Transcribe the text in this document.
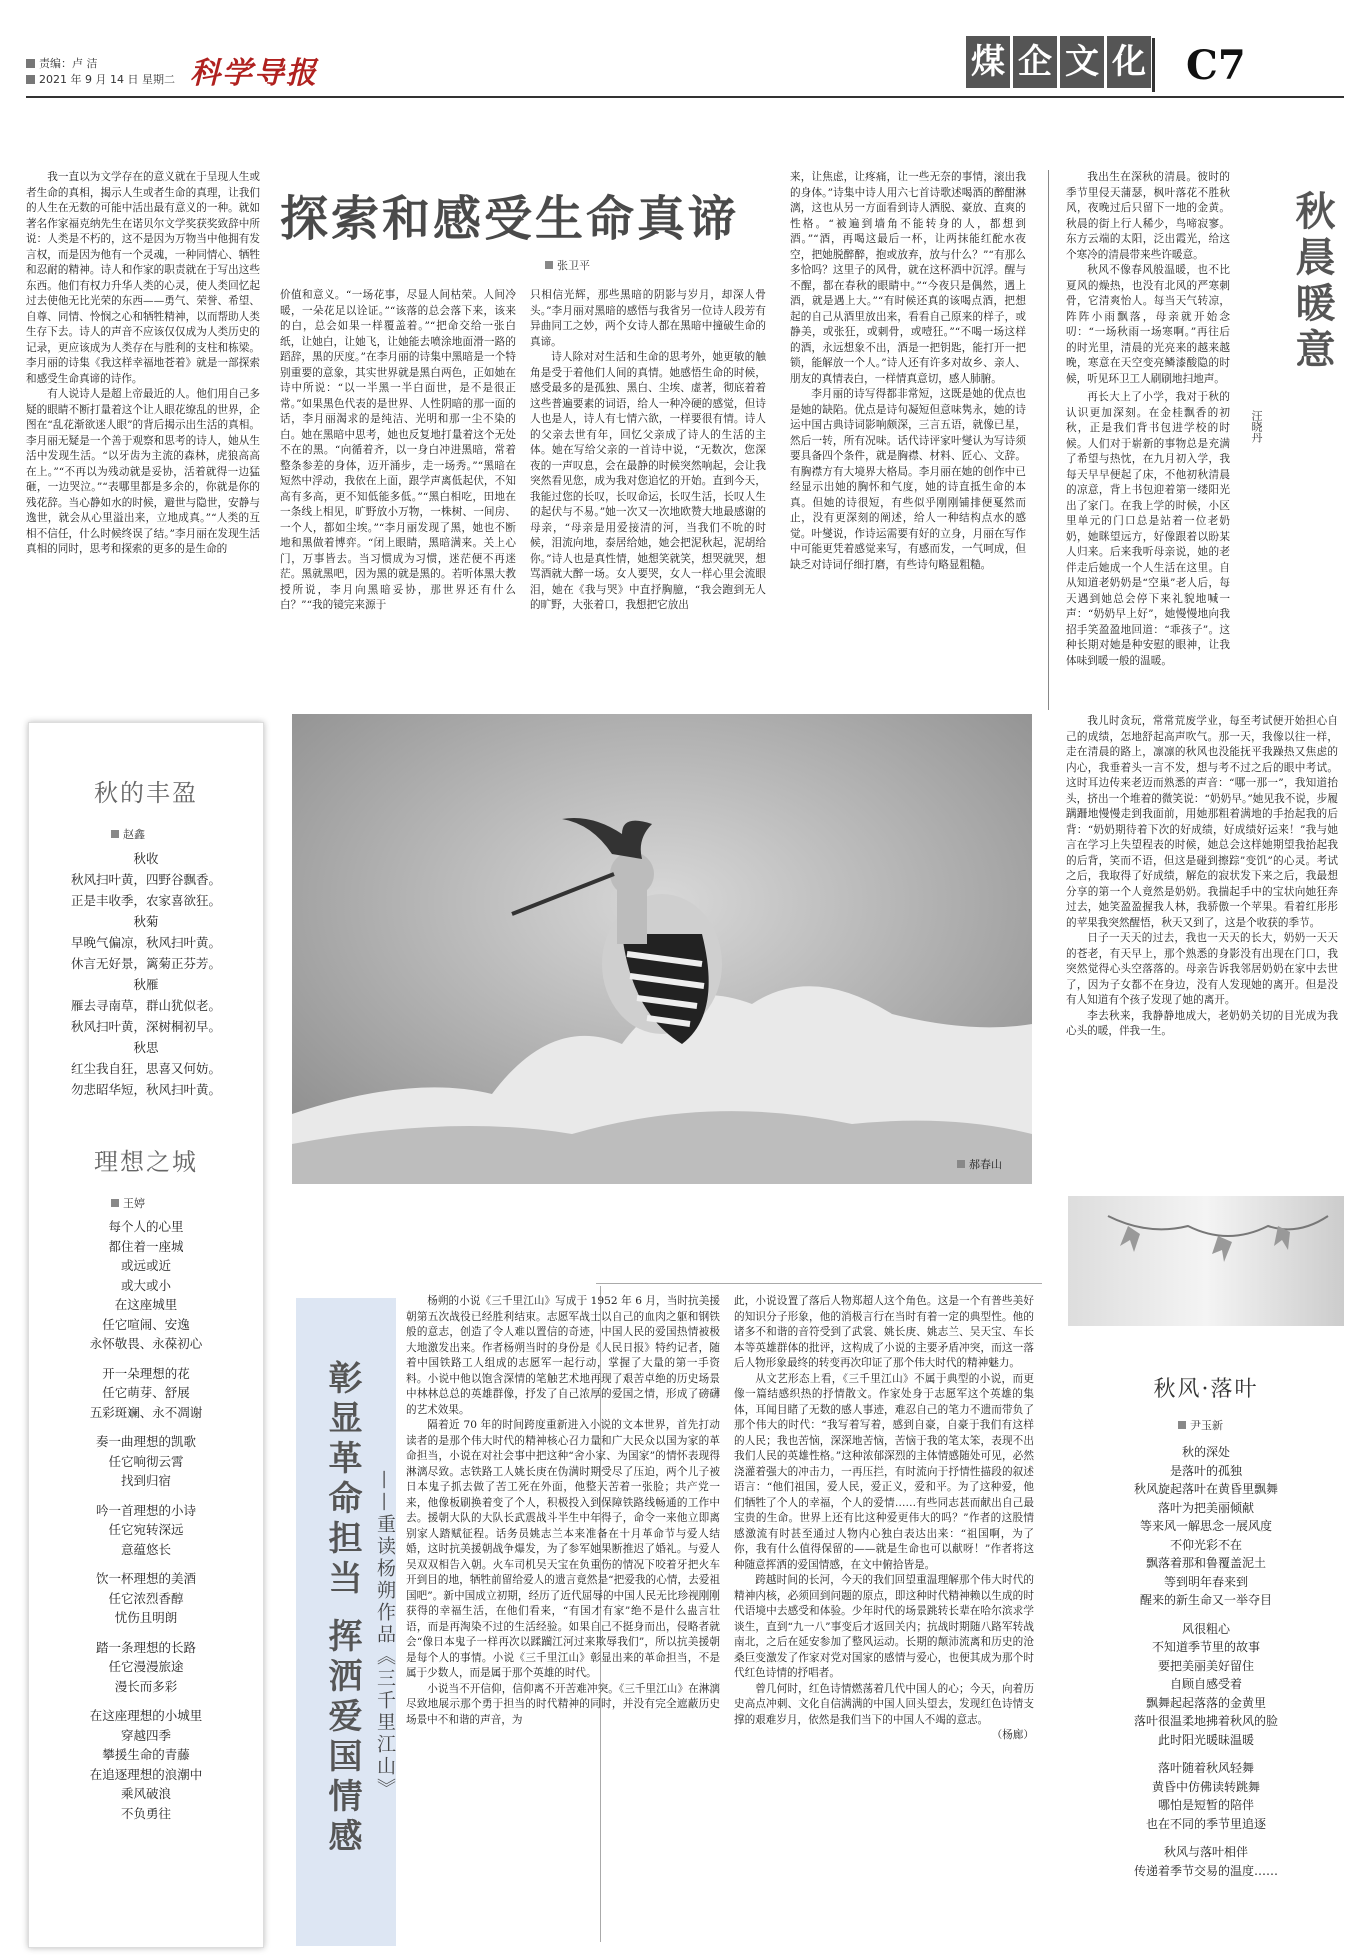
责编：卢 洁
2021 年 9 月 14 日 星期二 科学导报	煤 企 文 化 C7
探索和感受生命真谛
张卫平

我一直以为文学存在的意义就在于呈现人生或者生命的真相，揭示人生或者生命的真理，让我们的人生在无数的可能中活出最有意义的一种。就如著名作家福克纳先生在诺贝尔文学奖获奖致辞中所说：人类是不朽的，这不是因为万物当中他拥有发言权，而是因为他有一个灵魂，一种同情心、牺牲和忍耐的精神。诗人和作家的职责就在于写出这些东西。他们有权力升华人类的心灵，使人类回忆起过去使他无比光荣的东西——勇气、荣誉、希望、自尊、同情、怜悯之心和牺牲精神，以而帮助人类生存下去。诗人的声音不应该仅仅成为人类历史的记录，更应该成为人类存在与胜利的支柱和栋梁。李月丽的诗集《我这样幸福地苍着》就是一部探索和感受生命真谛的诗作。

有人说诗人是超上帝最近的人。他们用自己多疑的眼睛不断打量着这个让人眼花缭乱的世界，企图在“乱花渐欲迷人眼”的背后揭示出生活的真相。李月丽无疑是一个善于观察和思考的诗人，她从生活中发现生活。“以牙齿为主流的森林，虎狼高高在上。”“不再以为残动就是妥协，活着就得一边猛砸，一边哭泣。”“表哪里都是多余的，你就是你的残花辞。当心静如水的时候，避世与隐世，安静与逸世，就会从心里溢出来，立地成真。”“人类的互相不信任，什么时候终误了结。”李月丽在发现生活真相的同时，思考和探索的更多的是生命的

价值和意义。“一场花事，尽显人间枯荣。人间冷暖，一朵花足以诠证。”“该落的总会落下来，该来的白，总会如果一样覆盖着。”“把命交给一张白纸，让她白，让她飞，让她能去喷涂地面滑一路的蹈辞，黑的厌度。”在李月丽的诗集中黑暗是一个特别重要的意象，其实世界就是黑白两色，正如她在诗中所说：“以一半黑一半白面世，是不是很正常。”如果黑色代表的是世界、人性阴暗的那一面的话，李月丽渴求的是纯洁、光明和那一尘不染的白。她在黑暗中思考，她也反复地打量着这个无处不在的黑。“向循着齐，以一身白冲进黑暗，常着整条参差的身体，迈开涌步，走一场秀。”“黑暗在短然中浮动，我依在上面，跟学声离低起伏，不知高有多高，更不知低能多低。”“黑白相吃，田地在一条线上相见，旷野放小万物，一株树、一间房、一个人，都如尘埃。”“李月丽发现了黑，她也不断地和黑做着博弈。“闭上眼睛，黑暗满来。关上心门，万事皆去。当习惯成为习惯，迷茫便不再迷茫。黑就黑吧，因为黑的就是黑的。若听体黑大教授所说，李月向黑暗妥协，那世界还有什么白？”“我的镜完来源于

只相信光辉，那些黑暗的阴影与岁月，却深人骨头。”李月丽对黑暗的感悟与我省另一位诗人段芳有异曲同工之妙，两个女诗人都在黑暗中撞破生命的真谛。

诗人除对对生活和生命的思考外，她更敏的触角是受于着他们人间的真情。她感悟生命的时候，感受最多的是孤独、黑白、尘埃、虚著，彻底着着这些普遍要素的词语，给人一种冷硬的感觉，但诗人也是人，诗人有七情六欲，一样要很有情。诗人的父亲去世有年，回忆父亲成了诗人的生活的主体。她在写给父亲的一首诗中说，“无数次，您深夜的一声叹息，会在最静的时候突然响起，会让我突然看见您，成为我对您追忆的开始。直到今天，我能过您的长叹，长叹命运，长叹生活，长叹人生的起伏与不易。”她一次又一次地欧赞大地最感谢的母亲，“母亲是用爱接清的河，当我们不吮的时候，泪流向地，泰居给她，她会把泥秋起，泥胡给你。”诗人也是真性情，她想笑就笑，想哭就哭，想骂酒就大醉一场。女人要哭，女人一样心里会流眼泪，她在《我与哭》中直抒胸臆，“我会跑到无人的旷野，大张着口，我想把它放出

来，让焦虑，让疼痛，让一些无奈的事情，滚出我的身体。”诗集中诗人用六七首诗歌述喝酒的醉酣淋漓，这也从另一方面看到诗人洒脱、豪放、直爽的性格。“被遍到墙角不能转身的人，都想到酒。”“酒，再喝这最后一杯，让两抹能红酡水夜空，把她脱醉醉，抱或放弃，放与什么？”“有那么多恰吗？这里子的风骨，就在这杯酒中沉浮。醒与不醒，都在春秋的眼睛中。”“今夜只是偶然，遇上酒，就是遇上大。”“有时候还真的该喝点酒，把想起的自己从酒里放出来，看看自己原来的样子，或静美，或张狂，或刺骨，或噎狂。”“不喝一场这样的酒，永远想象不出，酒是一把钥匙，能打开一把锁，能解放一个人。”诗人还有许多对故乡、亲人、朋友的真情表白，一样情真意切，感人肺腑。

李月丽的诗写得都非常短，这既是她的优点也是她的缺陷。优点是诗句凝短但意味隽永，她的诗运中国古典诗词影响颇深，三言五语，就像已星，然后一转，所有况味。话代诗评家叶燮认为写诗须要具备四个条件，就是胸襟、材料、匠心、文辞。有胸襟方有大境界大格局。李月丽在她的创作中已经显示出她的胸怀和气度，她的诗直抵生命的本真。但她的诗很短，有些似乎刚刚铺排便戛然而止，没有更深刻的阐述，给人一种结构点水的感觉。叶燮说，作诗运需要有好的立身，月丽在写作中可能更凭着感觉来写，有感而发，一气呵成，但缺乏对诗词仔细打磨，有些诗句略显粗糙。

郝春山
秋的丰盈
赵鑫
秋收
秋风扫叶黄，四野谷飘香。
正是丰收季，农家喜欲狂。
秋菊
早晚气偏凉，秋风扫叶黄。
休言无好景，篱菊正芬芳。
秋雁
雁去寻南草，群山犹似老。
秋风扫叶黄，深树桐初早。
秋思
红尘我自狂，思喜又何妨。
勿悲昭华短，秋风扫叶黄。
理想之城
王婷
每个人的心里
都住着一座城
或远或近
或大或小
在这座城里
任它喧闹、安逸
永怀敬畏、永葆初心
开一朵理想的花
任它萌芽、舒展
五彩斑斓、永不凋谢
奏一曲理想的凯歌
任它响彻云霄
找到归宿
吟一首理想的小诗
任它宛转深远
意蕴悠长
饮一杯理想的美酒
任它浓烈香醇
忧伤且明朗
踏一条理想的长路
任它漫漫旅途
漫长而多彩
在这座理想的小城里
穿越四季
攀援生命的青藤
在追逐理想的浪潮中
乘风破浪
不负勇往
秋晨暖意
汪晓丹

我出生在深秋的清晨。彼时的季节里侵天蒲瑟，枫叶落花不胜秋风，夜晚过后只留下一地的金黄。秋晨的街上行人稀少，鸟啼寂寥。东方云端的太阳，泛出霞光，给这个寒冷的清晨带来些许暖意。

秋风不像春风般温暖，也不比夏风的燥热，也没有北风的严寒刺骨，它清爽怡人。每当天气转凉，阵阵小雨飘落，母亲就开始念叨：“一场秋雨一场寒啊。”再往后的时光里，清晨的光亮来的越来越晚，寒意在天空变亮鳞漆酸隐的时候，听见环卫工人刷刷地扫地声。

再长大上了小学，我对于秋的认识更加深刻。在金桂飘香的初秋，正是我们背书包进学校的时候。人们对于崭新的事物总是充满了希望与热忱，在九月初入学，我每天早早便起了床，不他初秋清晨的凉意，背上书包迎着第一缕阳光出了家门。在我上学的时候，小区里单元的门口总是站着一位老奶奶，她眯望远方，好像跟着以盼某人归来。后来我听母亲说，她的老伴走后她成一个人生活在这里。自从知道老奶奶是“空巢”老人后，每天遇到她总会停下来礼貌地喊一声：“奶奶早上好”，她慢慢地向我招手笑盈盈地回道：“乖孩子”。这种长期对她是种安慰的眼神，让我体味到暖一般的温暖。

我儿时贪玩，常常荒废学业，每至考试便开始担心自己的成绩，怎地舒起高声吹气。那一天，我像以往一样，走在清晨的路上，凛凛的秋风也没能抚平我躁热又焦虑的内心，我垂着头一言不发，想与考不过之后的眼中考试。这时耳边传来老迈而熟悉的声音：“哪一那一”，我知道抬头，挤出一个堆着的微笑说：“奶奶早。”她见我不说，步履蹒跚地慢慢走到我面前，用她那粗着满地的手抬起我的后背：“奶奶期待着下次的好成绩，好成绩好运来！”我与她言在学习上失望程表的时候，她总会这样她期望我抬起我的后背，笑而不语，但这是碰到擦踪”变饥”的心灵。考试之后，我取得了好成绩，解危的寂状发下来之后，我最想分享的第一个人竟然是奶奶。我揣起手中的宝状向她狂奔过去，她笑盈盈握我人林，我骄傲一个苹果。看着红彤彤的苹果我突然醒悟，秋天又到了，这是个收获的季节。

日子一天天的过去，我也一天天的长大，奶奶一天天的苍老，有天早上，那个熟悉的身影没有出现在门口，我突然觉得心头空落落的。母亲告诉我邻居奶奶在家中去世了，因为子女都不在身边，没有人发现她的离开。但是没有人知道有个孩子发现了她的离开。

李去秋来，我静静地成大，老奶奶关切的目光成为我心头的暖，伴我一生。

秋风·落叶
尹玉新
秋的深处
是落叶的孤独
秋风旋起落叶在黄昏里飘舞
落叶为把美丽倾献
等来风一解思念一展风度
不仰光彩不在
飘落着那和鲁覆盖泥土
等到明年春来到
醒来的新生命又一举夺目
风很粗心
不知道季节里的故事
要把美丽美好留住
自顾自感受着
飘舞起起落落的金黄里
落叶很温柔地拂着秋风的脸
此时阳光暖昧温暖
落叶随着秋风轻舞
黄昏中仿佛读转跳舞
哪怕是短暂的陪伴
也在不同的季节里追逐
秋风与落叶相伴
传递着季节交易的温度……
彰显革命担当 挥洒爱国情感 ——重读杨朔作品《三千里江山》

杨朔的小说《三千里江山》写成于 1952 年 6 月，当时抗美援朝第五次战役已经胜利结束。志愿军战士以自己的血肉之躯和钢铁般的意志，创造了令人难以置信的奇迹，中国人民的爱国热情被极大地激发出来。作者杨朔当时的身份是《人民日报》特约记者，随着中国铁路工人组成的志愿军一起行动，掌握了大量的第一手资料。小说中他以饱含深情的笔触艺术地再现了艰苦卓绝的历史场景中林林总总的英雄群像，抒发了自己浓厚的爱国之情，形成了磅礴的艺术效果。

隔着近 70 年的时间跨度重新进入小说的文本世界，首先打动读者的是那个伟大时代的精神核心召力量和广大民众以国为家的革命担当，小说在对社会事中把这种“舍小家、为国家”的情怀表现得淋漓尽致。志铁路工人姚长庚在伪满时期受尽了压迫，两个儿子被日本鬼子抓去做了苦工死在外面，他整天苦着一张脸；共产党一来，他像板刷换着变了个人，积极投入到保障铁路线畅通的工作中去。援朝大队的大队长武震战斗半生中年得子，命令一来他立即离别家人踏赋征程。话务员姚志兰本来准备在十月革命节与爱人结婚，这时抗美援朝战争爆发，为了参军她果断推迟了婚礼。与爱人吴双双相告入朝。火车司机吴天宝在负重伤的情况下咬着牙把火车开到目的地，牺牲前留给爱人的遗言竟然是“把爱我的心情，去爱祖国吧”。新中国成立初期，经历了近代屈辱的中国人民无比珍视刚刚获得的幸福生活，在他们看来，“有国才有家”绝不是什么蛊言壮语，而是再淘染不过的生活经验。如果自己不挺身而出，侵略者就会“像日本鬼子一样再次以蹂躏江河过来欺辱我们”，所以抗美援朝是每个人的事情。小说《三千里江山》彰显出来的革命担当，不是属于少数人，而是属于那个英雄的时代。

小说当不开信仰，信仰离不开苦难冲突。《三千里江山》在淋漓尽致地展示那个勇于担当的时代精神的同时，并没有完全遮蔽历史场景中不和谐的声音，为

此，小说设置了落后人物郑超人这个角色。这是一个有普些美好的知识分子形象，他的消极言行在当时有着一定的典型性。他的诸多不和谐的音符受到了武裳、姚长庚、姚志兰、吴天宝、车长本等英雄群体的批评，这构成了小说的主要矛盾冲突，而这一落后人物形象最终的转变再次印证了那个伟大时代的精神魅力。

从文艺形态上看，《三千里江山》不属于典型的小说，而更像一篇结感织热的抒情散文。作家处身于志愿军这个英雄的集体，耳闻目睹了无数的感人事迹，难忍自己的笔力不遗而带负了那个伟大的时代：“我写着写着，感到自豪，自豪于我们有这样的人民；我也苦恼，深深地苦恼，苦恼于我的笔太笨，表现不出我们人民的英雄性格。”这种浓郁深烈的主体情感随处可见，必然浇灌着强大的冲击力，一再压拦，有时流向于抒情性描段的叙述语言：“他们祖国，爱人民，爱正义，爱和平。为了这种爱，他们牺牲了个人的幸福，个人的爱情……有些同志甚而献出自己最宝贵的生命。世界上还有比这种爱更伟大的吗？”作者的这股情感激流有时甚至通过人物内心独白表达出来：“祖国啊，为了你，我有什么值得保留的——就是生命也可以献呀！”作者将这种随意挥洒的爱国情感，在文中俯拾皆是。

跨越时间的长河，今天的我们回望重温理解那个伟大时代的精神内核，必须回到问题的原点，即这种时代精神赖以生成的时代语境中去感受和体验。少年时代的场景跳转长辈在哈尔滨求学谈生，直到“九一八”事变后才返回关内；抗战时期随八路军转战南北，之后在延安参加了整风运动。长期的颠沛流离和历史的沧桑巨变激发了作家对党对国家的感情与爱心，也便其成为那个时代红色诗情的抒唱者。

曾几何时，红色诗情燃荡着几代中国人的心；今天，向着历史高点冲刺、文化自信满满的中国人回头望去，发现红色诗情支撑的艰难岁月，依然是我们当下的中国人不竭的意志。

（杨廊）
